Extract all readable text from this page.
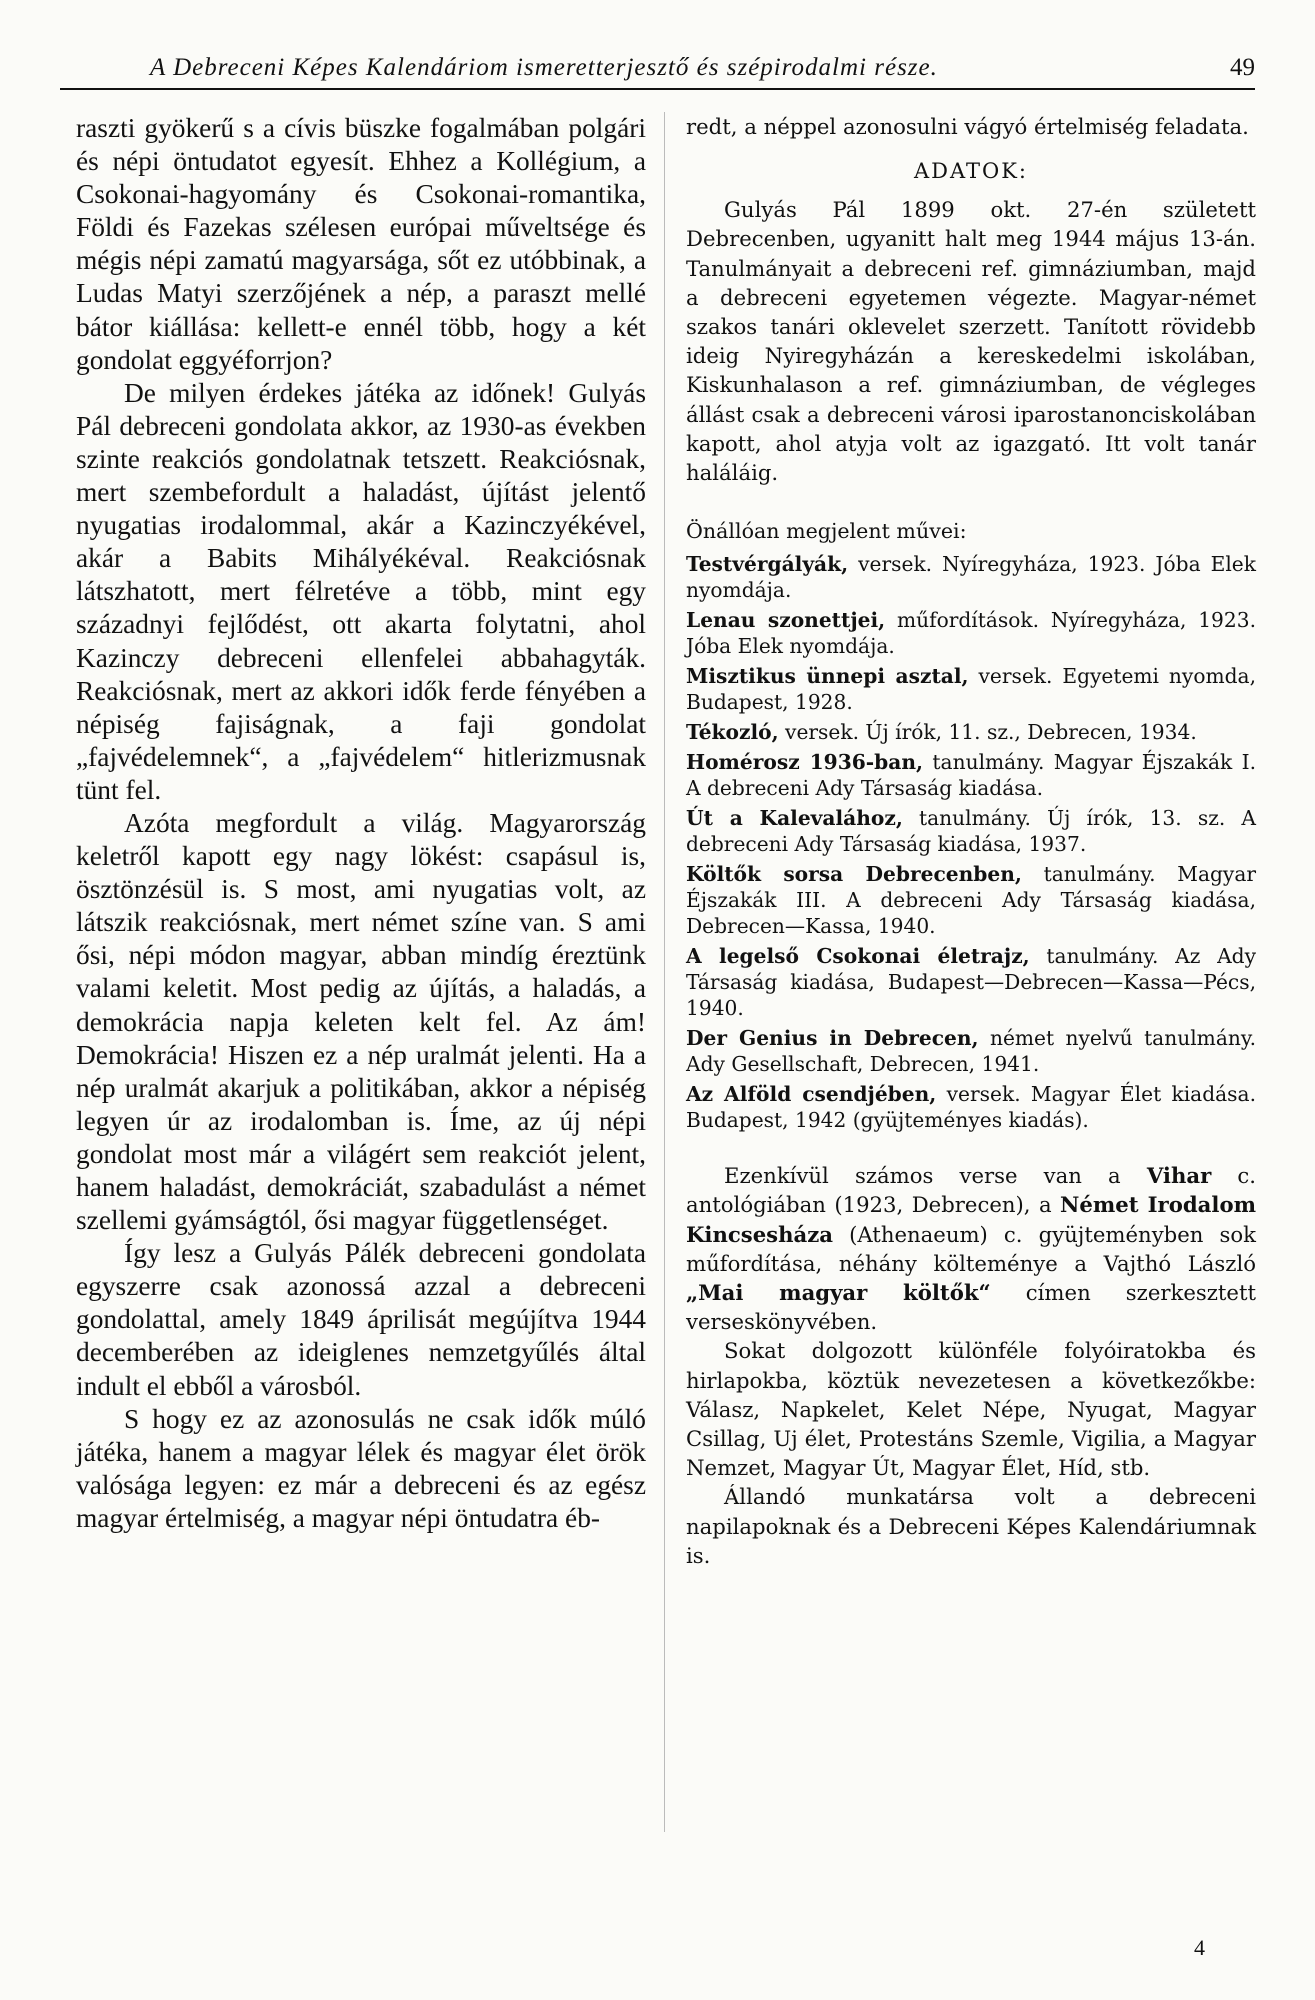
A Debreceni Képes Kalendáriom ismeretterjesztő és szépirodalmi része.	49

raszti gyökerű s a cívis büszke fogalmában polgári és népi öntudatot egyesít. Ehhez a Kollégium, a Csokonai-hagyomány és Csokonai-romantika, Földi és Fazekas szélesen európai műveltsége és mégis népi zamatú magyarsága, sőt ez utóbbinak, a Ludas Matyi szerzőjének a nép, a paraszt mellé bátor kiállása: kellett-e ennél több, hogy a két gondolat eggyéforrjon?

De milyen érdekes játéka az időnek! Gulyás Pál debreceni gondolata akkor, az 1930-as években szinte reakciós gondolatnak tetszett. Reakciósnak, mert szembefordult a haladást, újítást jelentő nyugatias irodalommal, akár a Kazinczyékével, akár a Babits Mihályékéval. Reakciósnak látszhatott, mert félretéve a több, mint egy századnyi fejlődést, ott akarta folytatni, ahol Kazinczy debreceni ellenfelei abbahagyták. Reakciósnak, mert az akkori idők ferde fényében a népiség fajiságnak, a faji gondolat „fajvédelemnek“, a „fajvédelem“ hitlerizmusnak tünt fel.

Azóta megfordult a világ. Magyarország keletről kapott egy nagy lökést: csapásul is, ösztönzésül is. S most, ami nyugatias volt, az látszik reakciósnak, mert német színe van. S ami ősi, népi módon magyar, abban mindíg éreztünk valami keletit. Most pedig az újítás, a haladás, a demokrácia napja keleten kelt fel. Az ám! Demokrácia! Hiszen ez a nép uralmát jelenti. Ha a nép uralmát akarjuk a politikában, akkor a népiség legyen úr az irodalomban is. Íme, az új népi gondolat most már a világért sem reakciót jelent, hanem haladást, demokráciát, szabadulást a német szellemi gyámságtól, ősi magyar függetlenséget.

Így lesz a Gulyás Pálék debreceni gondolata egyszerre csak azonossá azzal a debreceni gondolattal, amely 1849 áprilisát megújítva 1944 decemberében az ideiglenes nemzetgyűlés által indult el ebből a városból.

S hogy ez az azonosulás ne csak idők múló játéka, hanem a magyar lélek és magyar élet örök valósága legyen: ez már a debreceni és az egész magyar értelmiség, a magyar népi öntudatra éb-

redt, a néppel azonosulni vágyó értelmiség feladata.

ADATOK:

Gulyás Pál 1899 okt. 27-én született Debrecenben, ugyanitt halt meg 1944 május 13-án. Tanulmányait a debreceni ref. gimnáziumban, majd a debreceni egyetemen végezte. Magyar-német szakos tanári oklevelet szerzett. Tanított rövidebb ideig Nyiregyházán a kereskedelmi iskolában, Kiskunhalason a ref. gimnáziumban, de végleges állást csak a debreceni városi iparostanonciskolában kapott, ahol atyja volt az igazgató. Itt volt tanár haláláig.

Önállóan megjelent művei:

Testvérgályák, versek. Nyíregyháza, 1923. Jóba Elek nyomdája.

Lenau szonettjei, műfordítások. Nyíregyháza, 1923. Jóba Elek nyomdája.

Misztikus ünnepi asztal, versek. Egyetemi nyomda, Budapest, 1928.

Tékozló, versek. Új írók, 11. sz., Debrecen, 1934.

Homérosz 1936-ban, tanulmány. Magyar Éjszakák I. A debreceni Ady Társaság kiadása.

Út a Kalevalához, tanulmány. Új írók, 13. sz. A debreceni Ady Társaság kiadása, 1937.

Költők sorsa Debrecenben, tanulmány. Magyar Éjszakák III. A debreceni Ady Társaság kiadása, Debrecen—Kassa, 1940.

A legelső Csokonai életrajz, tanulmány. Az Ady Társaság kiadása, Budapest—Debrecen—Kassa—Pécs, 1940.

Der Genius in Debrecen, német nyelvű tanulmány. Ady Gesellschaft, Debrecen, 1941.

Az Alföld csendjében, versek. Magyar Élet kiadása. Budapest, 1942 (gyüjteményes kiadás).

Ezenkívül számos verse van a Vihar c. antológiában (1923, Debrecen), a Német Irodalom Kincsesháza (Athenaeum) c. gyüjteményben sok műfordítása, néhány költeménye a Vajthó László „Mai magyar költők“ címen szerkesztett verseskönyvében.

Sokat dolgozott különféle folyóiratokba és hirlapokba, köztük nevezetesen a következőkbe: Válasz, Napkelet, Kelet Népe, Nyugat, Magyar Csillag, Uj élet, Protestáns Szemle, Vigilia, a Magyar Nemzet, Magyar Út, Magyar Élet, Híd, stb.

Állandó munkatársa volt a debreceni napilapoknak és a Debreceni Képes Kalendáriumnak is.

4
